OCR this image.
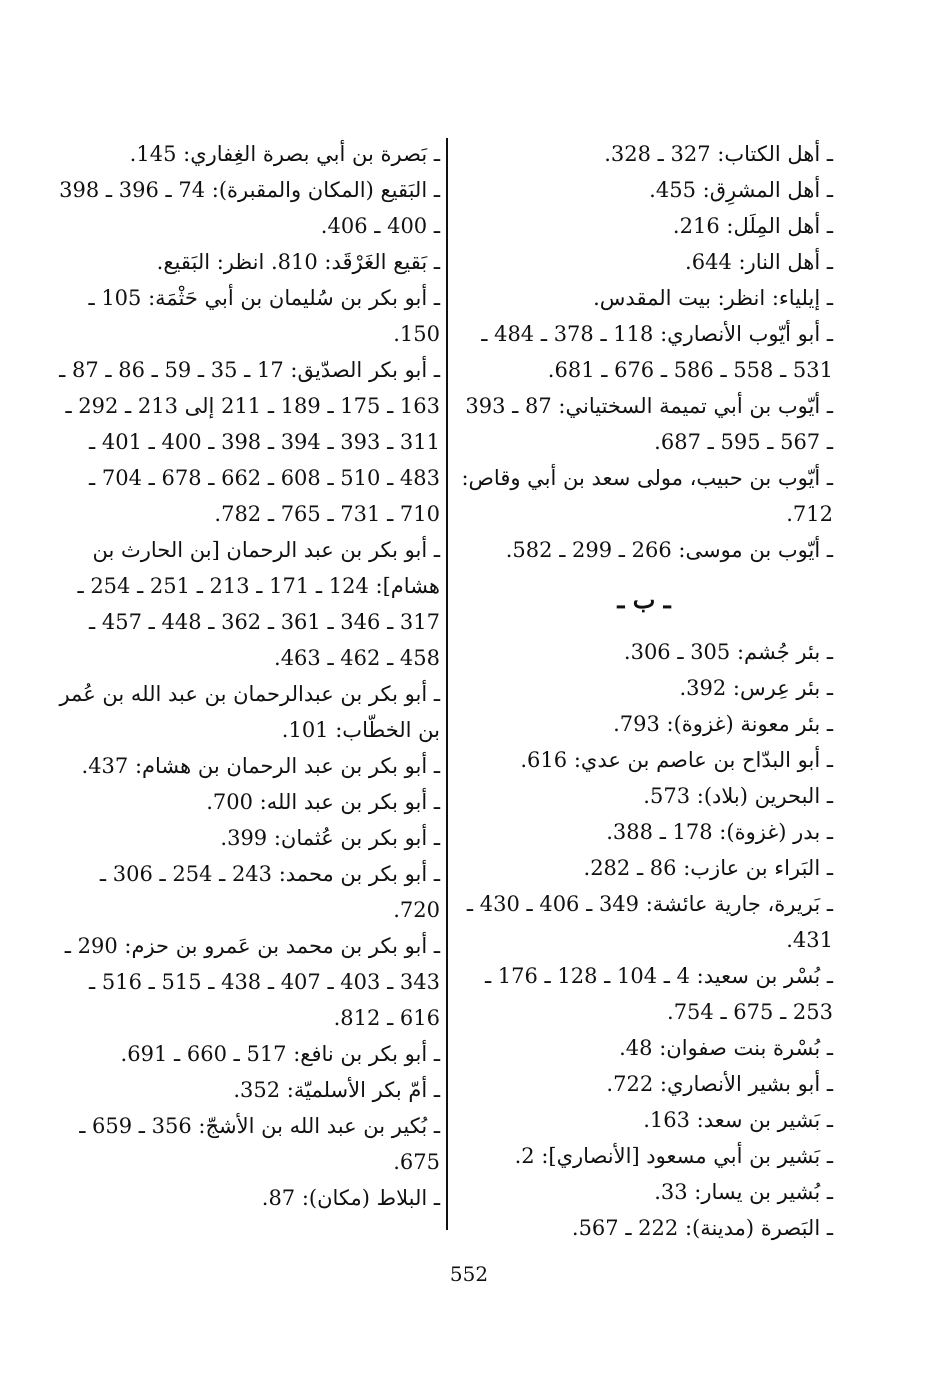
ـ أهل الكتاب: 327 ـ 328.
ـ أهل المشرِق: 455.
ـ أهل المِلَل: 216.
ـ أهل النار: 644.
ـ إيلياء: انظر: بيت المقدس.
ـ أبو أيّوب الأنصاري: 118 ـ 378 ـ 484 ـ 531 ـ 558 ـ 586 ـ 676 ـ 681.
ـ أيّوب بن أبي تميمة السختياني: 87 ـ 393 ـ 567 ـ 595 ـ 687.
ـ أيّوب بن حبيب، مولى سعد بن أبي وقاص: 712.
ـ أيّوب بن موسى: 266 ـ 299 ـ 582.
ـ ب ـ
ـ بئر جُشم: 305 ـ 306.
ـ بئر عِرس: 392.
ـ بئر معونة (غزوة): 793.
ـ أبو البدّاح بن عاصم بن عدي: 616.
ـ البحرين (بلاد): 573.
ـ بدر (غزوة): 178 ـ 388.
ـ البَراء بن عازب: 86 ـ 282.
ـ بَريرة، جارية عائشة: 349 ـ 406 ـ 430 ـ 431.
ـ بُسْر بن سعيد: 4 ـ 104 ـ 128 ـ 176 ـ 253 ـ 675 ـ 754.
ـ بُسْرة بنت صفوان: 48.
ـ أبو بشير الأنصاري: 722.
ـ بَشير بن سعد: 163.
ـ بَشير بن أبي مسعود [الأنصاري]: 2.
ـ بُشير بن يسار: 33.
ـ البَصرة (مدينة): 222 ـ 567.
ـ بَصرة بن أبي بصرة الغِفاري: 145.
ـ البَقيع (المكان والمقبرة): 74 ـ 396 ـ 398 ـ 400 ـ 406.
ـ بَقيع الغَرْقَد: 810. انظر: البَقيع.
ـ أبو بكر بن سُليمان بن أبي حَثْمَة: 105 ـ 150.
ـ أبو بكر الصدّيق: 17 ـ 35 ـ 59 ـ 86 ـ 87 ـ 163 ـ 175 ـ 189 ـ 211 إلى 213 ـ 292 ـ 311 ـ 393 ـ 394 ـ 398 ـ 400 ـ 401 ـ 483 ـ 510 ـ 608 ـ 662 ـ 678 ـ 704 ـ 710 ـ 731 ـ 765 ـ 782.
ـ أبو بكر بن عبد الرحمان [بن الحارث بن هشام]: 124 ـ 171 ـ 213 ـ 251 ـ 254 ـ 317 ـ 346 ـ 361 ـ 362 ـ 448 ـ 457 ـ 458 ـ 462 ـ 463.
ـ أبو بكر بن عبدالرحمان بن عبد الله بن عُمر بن الخطّاب: 101.
ـ أبو بكر بن عبد الرحمان بن هشام: 437.
ـ أبو بكر بن عبد الله: 700.
ـ أبو بكر بن عُثمان: 399.
ـ أبو بكر بن محمد: 243 ـ 254 ـ 306 ـ 720.
ـ أبو بكر بن محمد بن عَمرو بن حزم: 290 ـ 343 ـ 403 ـ 407 ـ 438 ـ 515 ـ 516 ـ 616 ـ 812.
ـ أبو بكر بن نافع: 517 ـ 660 ـ 691.
ـ أمّ بكر الأسلميّة: 352.
ـ بُكير بن عبد الله بن الأشجّ: 356 ـ 659 ـ 675.
ـ البلاط (مكان): 87.
552
